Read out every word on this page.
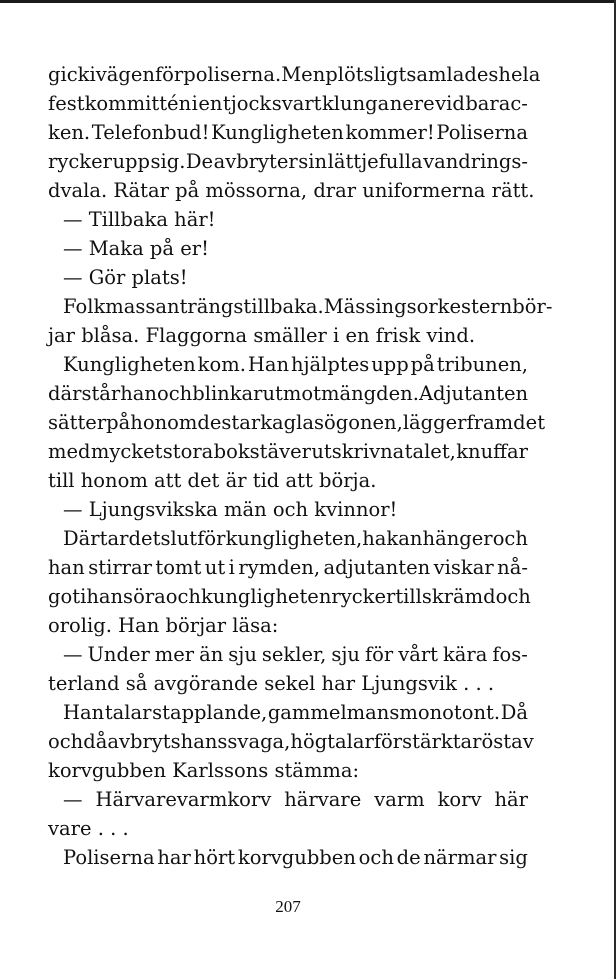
gick i vägen för poliserna. Men plötsligt samlades hela
festkommittén i en tjock svart klunga nere vid barac-
ken. Telefonbud! Kungligheten kommer! Poliserna
rycker upp sig. De avbryter sin lättjefulla vandrings-
dvala. Rätar på mössorna, drar uniformerna rätt.
— Tillbaka här!
— Maka på er!
— Gör plats!
Folkmassan trängs tillbaka. Mässingsorkestern bör-
jar blåsa. Flaggorna smäller i en frisk vind.
Kungligheten kom. Han hjälptes upp på tribunen,
där står han och blinkar ut mot mängden. Adjutanten
sätter på honom de starka glasögonen, lägger fram det
med mycket stora bokstäver utskrivna talet, knuffar
till honom att det är tid att börja.
— Ljungsvikska män och kvinnor!
Där tar det slut för kungligheten, hakan hänger och
han stirrar tomt ut i rymden, adjutanten viskar nå-
got i hans öra och kungligheten rycker till skrämd och
orolig. Han börjar läsa:
— Under mer än sju sekler, sju för vårt kära fos-
terland så avgörande sekel har Ljungsvik . . .
Han talar stapplande, gammelmansmonotont. Då
och då avbryts hans svaga, högtalarförstärkta röst av
korvgubben Karlssons stämma:
— Härvarevarmkorv härvare varm korv här
vare . . .
Poliserna har hört korvgubben och de närmar sig
207
